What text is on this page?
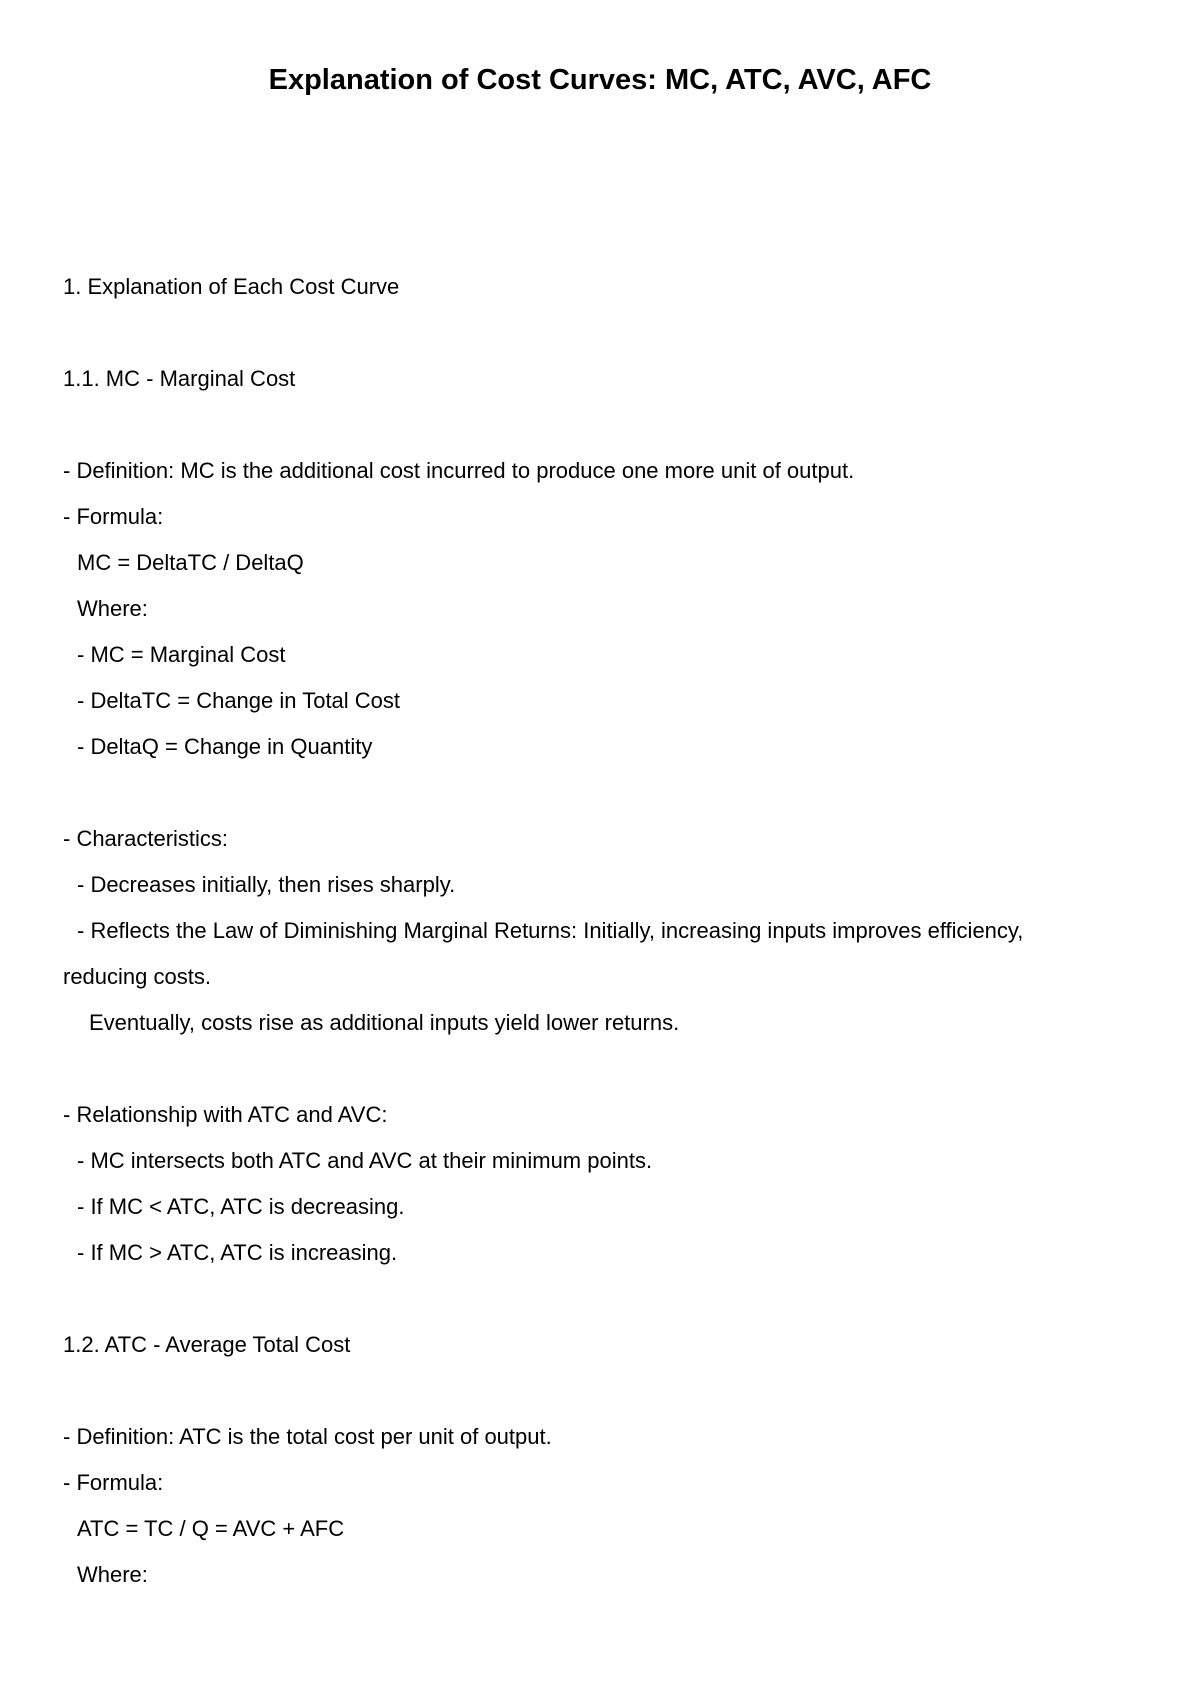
Explanation of Cost Curves: MC, ATC, AVC, AFC
1. Explanation of Each Cost Curve
1.1. MC - Marginal Cost
- Definition: MC is the additional cost incurred to produce one more unit of output.
- Formula:
MC = DeltaTC / DeltaQ
Where:
- MC = Marginal Cost
- DeltaTC = Change in Total Cost
- DeltaQ = Change in Quantity
- Characteristics:
- Decreases initially, then rises sharply.
- Reflects the Law of Diminishing Marginal Returns: Initially, increasing inputs improves efficiency,
reducing costs.
Eventually, costs rise as additional inputs yield lower returns.
- Relationship with ATC and AVC:
- MC intersects both ATC and AVC at their minimum points.
- If MC < ATC, ATC is decreasing.
- If MC > ATC, ATC is increasing.
1.2. ATC - Average Total Cost
- Definition: ATC is the total cost per unit of output.
- Formula:
ATC = TC / Q = AVC + AFC
Where:
